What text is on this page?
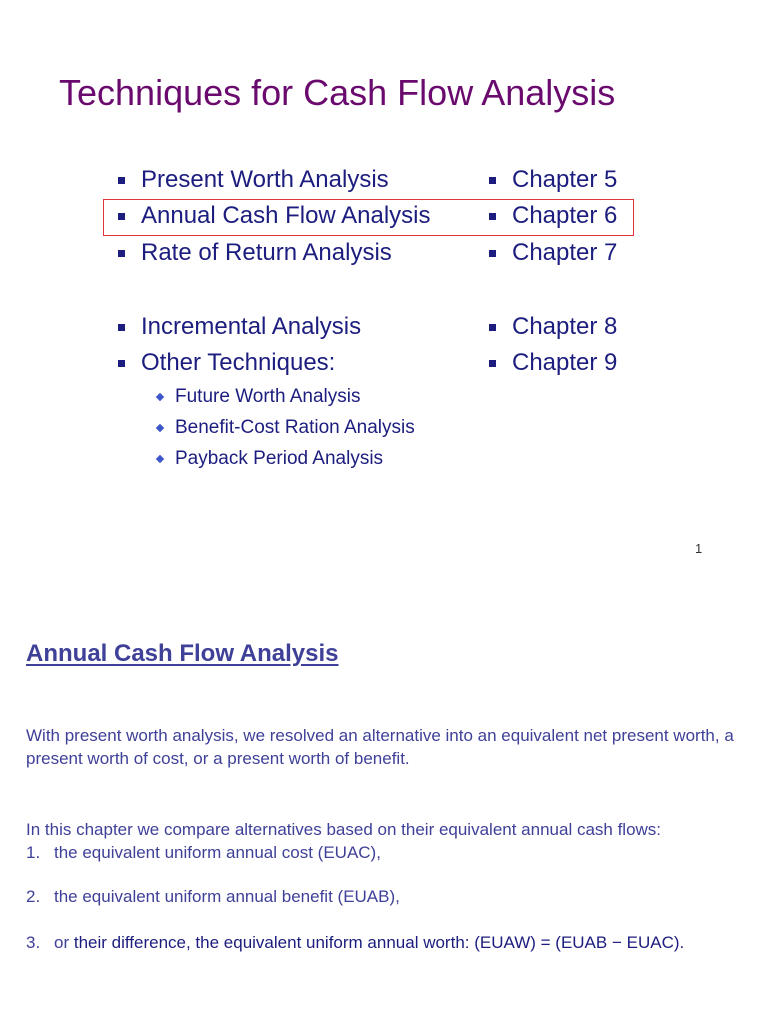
Techniques for Cash Flow Analysis
Present Worth Analysis	Chapter 5
Annual Cash Flow Analysis	Chapter 6
Rate of Return Analysis	Chapter 7
Incremental Analysis	Chapter 8
Other Techniques:	Chapter 9
Future Worth Analysis
Benefit-Cost Ration Analysis
Payback Period Analysis
1
Annual Cash Flow Analysis
With present worth analysis, we resolved an alternative into an equivalent net present worth, a present worth of cost, or a present worth of benefit.
In this chapter we compare alternatives based on their equivalent annual cash flows:
1. the equivalent uniform annual cost (EUAC),
2. the equivalent uniform annual benefit (EUAB),
3. or their difference, the equivalent uniform annual worth: (EUAW) = (EUAB − EUAC).
